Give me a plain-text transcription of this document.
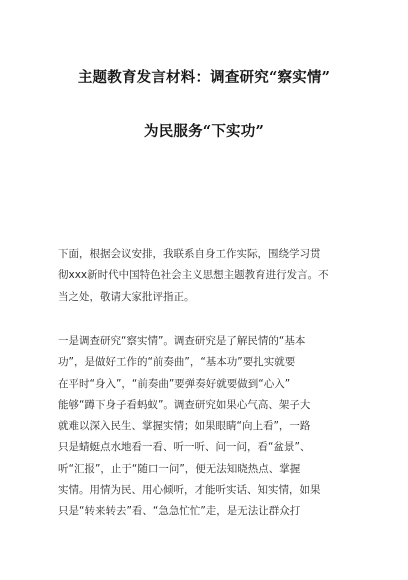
主题教育发言材料：调查研究“察实情”
为民服务“下实功”
下面，根据会议安排，我联系自身工作实际，围绕学习贯
彻xxx新时代中国特色社会主义思想主题教育进行发言。不
当之处，敬请大家批评指正。
一是调查研究“察实情”。调查研究是了解民情的“基本
功”，是做好工作的“前奏曲”，“基本功”要扎实就要
在平时“身入”，“前奏曲”要弹奏好就要做到“心入”
能够“蹲下身子看蚂蚁”。调查研究如果心气高、架子大
就难以深入民生、掌握实情；如果眼睛“向上看”，一路
只是蜻蜓点水地看一看、听一听、问一问，看“盆景”、
听“汇报”，止于“随口一问”，便无法知晓热点、掌握
实情。用情为民、用心倾听，才能听实话、知实情，如果
只是“转来转去”看、“急急忙忙”走，是无法让群众打
